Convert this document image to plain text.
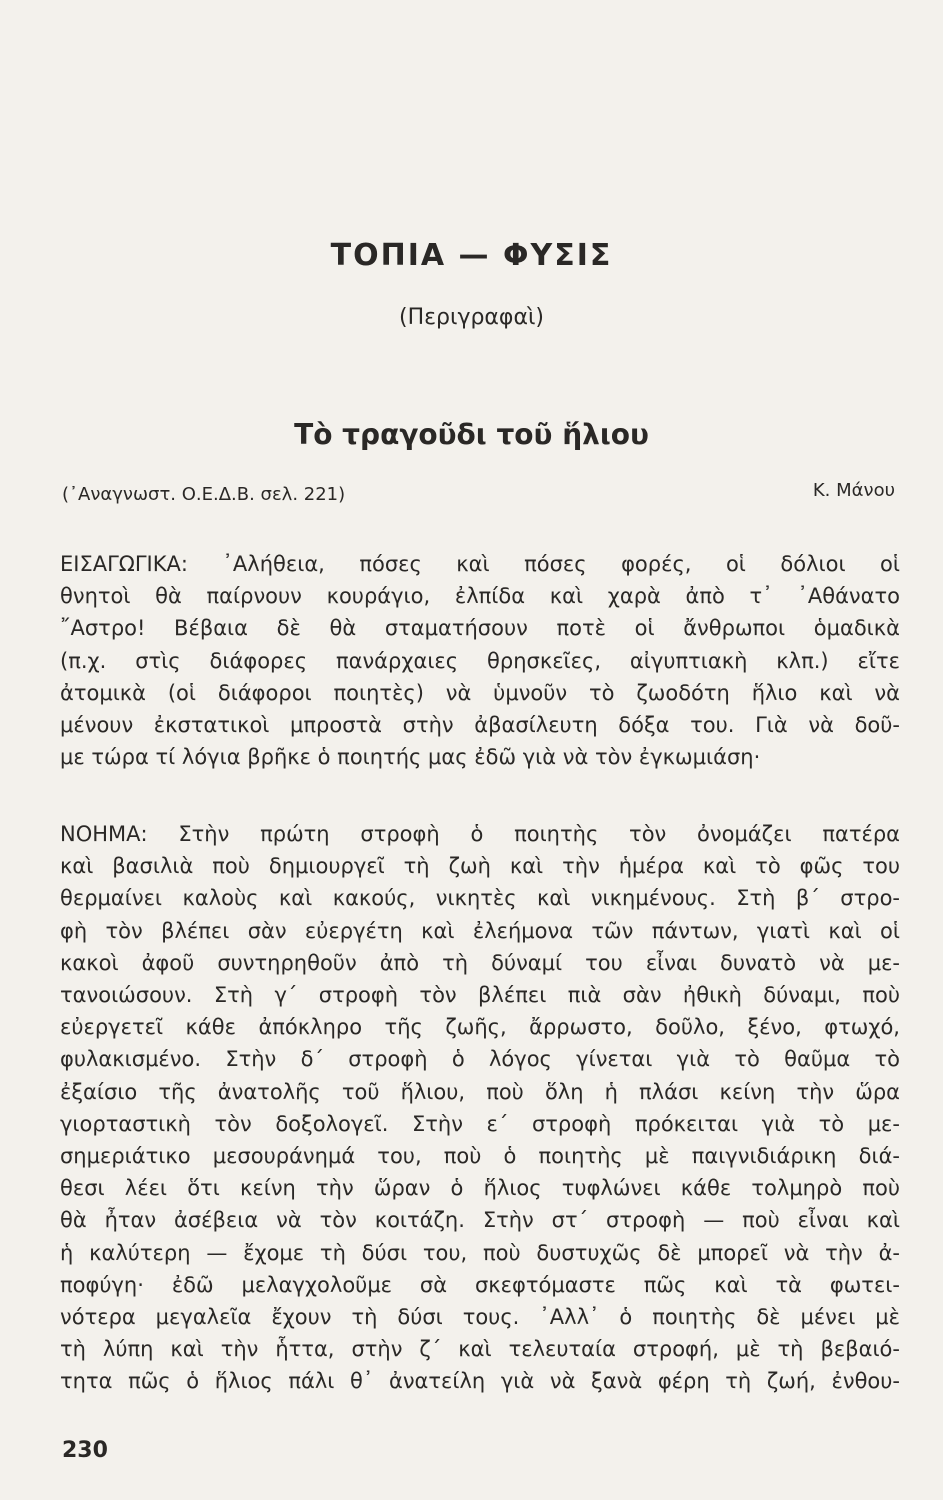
ΤΟΠΙΑ — ΦΥΣΙΣ
(Περιγραφαὶ)
Τὸ τραγοῦδι τοῦ ἥλιου
(᾽Αναγνωστ. Ο.Ε.Δ.Β. σελ. 221)	Κ. Μάνου
ΕΙΣΑΓΩΓΙΚΑ: ᾽Αλήθεια, πόσες καὶ πόσες φορές, οἱ δόλιοι οἱ
θνητοὶ θὰ παίρνουν κουράγιο, ἐλπίδα καὶ χαρὰ ἀπὸ τ᾽ ᾽Αθάνατο
῎Αστρο! Βέβαια δὲ θὰ σταματήσουν ποτὲ οἱ ἄνθρωποι ὁμαδικὰ
(π.χ. στὶς διάφορες πανάρχαιες θρησκεῖες, αἰγυπτιακὴ κλπ.) εἴτε
ἀτομικὰ (οἱ διάφοροι ποιητὲς) νὰ ὑμνοῦν τὸ ζωοδότη ἥλιο καὶ νὰ
μένουν ἐκστατικοὶ μπροστὰ στὴν ἀβασίλευτη δόξα του. Γιὰ νὰ δοῦ-
με τώρα τί λόγια βρῆκε ὁ ποιητής μας ἐδῶ γιὰ νὰ τὸν ἐγκωμιάση·
ΝΟΗΜΑ: Στὴν πρώτη στροφὴ ὁ ποιητὴς τὸν ὀνομάζει πατέρα
καὶ βασιλιὰ ποὺ δημιουργεῖ τὴ ζωὴ καὶ τὴν ἡμέρα καὶ τὸ φῶς του
θερμαίνει καλοὺς καὶ κακούς, νικητὲς καὶ νικημένους. Στὴ β´ στρο-
φὴ τὸν βλέπει σὰν εὐεργέτη καὶ ἐλεήμονα τῶν πάντων, γιατὶ καὶ οἱ
κακοὶ ἀφοῦ συντηρηθοῦν ἀπὸ τὴ δύναμί του εἶναι δυνατὸ νὰ με-
τανοιώσουν. Στὴ γ´ στροφὴ τὸν βλέπει πιὰ σὰν ἠθικὴ δύναμι, ποὺ
εὐεργετεῖ κάθε ἀπόκληρο τῆς ζωῆς, ἄρρωστο, δοῦλο, ξένο, φτωχό,
φυλακισμένο. Στὴν δ´ στροφὴ ὁ λόγος γίνεται γιὰ τὸ θαῦμα τὸ
ἐξαίσιο τῆς ἀνατολῆς τοῦ ἥλιου, ποὺ ὅλη ἡ πλάσι κείνη τὴν ὥρα
γιορταστικὴ τὸν δοξολογεῖ. Στὴν ε´ στροφὴ πρόκειται γιὰ τὸ με-
σημεριάτικο μεσουράνημά του, ποὺ ὁ ποιητὴς μὲ παιγνιδιάρικη διά-
θεσι λέει ὅτι κείνη τὴν ὥραν ὁ ἥλιος τυφλώνει κάθε τολμηρὸ ποὺ
θὰ ἦταν ἀσέβεια νὰ τὸν κοιτάζη. Στὴν στ´ στροφὴ — ποὺ εἶναι καὶ
ἡ καλύτερη — ἔχομε τὴ δύσι του, ποὺ δυστυχῶς δὲ μπορεῖ νὰ τὴν ἀ-
ποφύγη· ἐδῶ μελαγχολοῦμε σὰ σκεφτόμαστε πῶς καὶ τὰ φωτει-
νότερα μεγαλεῖα ἔχουν τὴ δύσι τους. ᾽Αλλ᾽ ὁ ποιητὴς δὲ μένει μὲ
τὴ λύπη καὶ τὴν ἧττα, στὴν ζ´ καὶ τελευταία στροφή, μὲ τὴ βεβαιό-
τητα πῶς ὁ ἥλιος πάλι θ᾽ ἀνατείλη γιὰ νὰ ξανὰ φέρη τὴ ζωή, ἐνθου-
230
